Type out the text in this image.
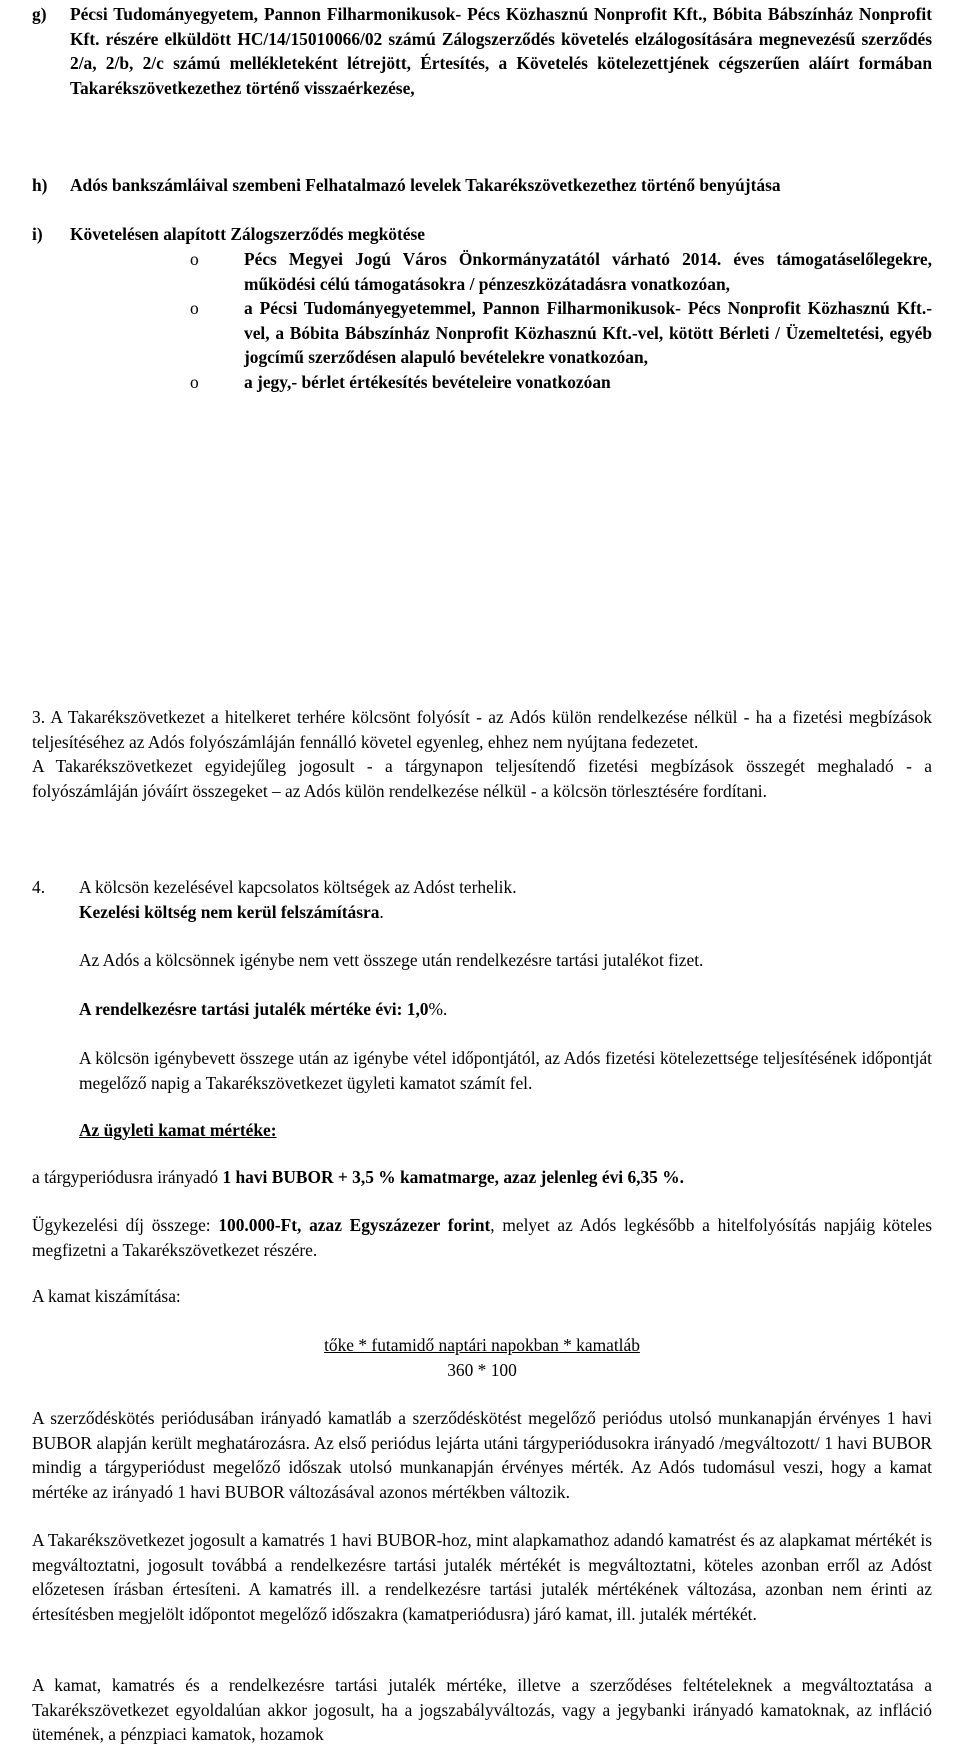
g) Pécsi Tudományegyetem, Pannon Filharmonikusok- Pécs Közhasznú Nonprofit Kft., Bóbita Bábszínház Nonprofit Kft. részére elküldött HC/14/15010066/02 számú Zálogszerződés követelés elzálogosítására megnevezésű szerződés 2/a, 2/b, 2/c számú mellékleteként létrejött, Értesítés, a Követelés kötelezettjének cégszerűen aláírt formában Takarékszövetkezethez történő visszaérkezése,
h) Adós bankszámláival szembeni Felhatalmazó levelek Takarékszövetkezethez történő benyújtása
i)	Követelésen alapított Zálogszerződés megkötése
o	Pécs Megyei Jogú Város Önkormányzatától várható 2014. éves támogatáselőlegekre, működési célú támogatásokra / pénzeszközátadásra vonatkozóan,
o	a Pécsi Tudományegyetemmel, Pannon Filharmonikusok- Pécs Nonprofit Közhasznú Kft.-vel, a Bóbita Bábszínház Nonprofit Közhasznú Kft.-vel, kötött Bérleti / Üzemeltetési, egyéb jogcímű szerződésen alapuló bevételekre vonatkozóan,
o	a jegy,- bérlet értékesítés bevételeire vonatkozóan
3. A Takarékszövetkezet a hitelkeret terhére kölcsönt folyósít - az Adós külön rendelkezése nélkül - ha a fizetési megbízások teljesítéséhez az Adós folyószámláján fennálló követel egyenleg, ehhez nem nyújtana fedezetet.
A Takarékszövetkezet egyidejűleg jogosult - a tárgynapon teljesítendő fizetési megbízások összegét meghaladó - a folyószámláján jóváírt összegeket – az Adós külön rendelkezése nélkül - a kölcsön törlesztésére fordítani.
4.	A kölcsön kezelésével kapcsolatos költségek az Adóst terhelik.
Kezelési költség nem kerül felszámításra.
Az Adós a kölcsönnek igénybe nem vett összege után rendelkezésre tartási jutalékot fizet.
A rendelkezésre tartási jutalék mértéke évi: 1,0%.
A kölcsön igénybevett összege után az igénybe vétel időpontjától, az Adós fizetési kötelezettsége teljesítésének időpontját megelőző napig a Takarékszövetkezet ügyleti kamatot számít fel.
Az ügyleti kamat mértéke:
a tárgyperiódusra irányadó 1 havi BUBOR + 3,5 % kamatmarge, azaz jelenleg évi 6,35 %.
Ügykezelési díj összege: 100.000-Ft, azaz Egyszázezer forint, melyet az Adós legkésőbb a hitelfolyósítás napjáig köteles megfizetni a Takarékszövetkezet részére.
A kamat kiszámítása:
tőke * futamidő naptári napokban * kamatláb
360 * 100
A szerződéskötés periódusában irányadó kamatláb a szerződéskötést megelőző periódus utolsó munkanapján érvényes 1 havi BUBOR alapján került meghatározásra. Az első periódus lejárta utáni tárgyperiódusokra irányadó /megváltozott/ 1 havi BUBOR mindig a tárgyperiódust megelőző időszak utolsó munkanapján érvényes mérték. Az Adós tudomásul veszi, hogy a kamat mértéke az irányadó 1 havi BUBOR változásával azonos mértékben változik.
A Takarékszövetkezet jogosult a kamatrés 1 havi BUBOR-hoz, mint alapkamathoz adandó kamatrést és az alapkamat mértékét is megváltoztatni, jogosult továbbá a rendelkezésre tartási jutalék mértékét is megváltoztatni, köteles azonban erről az Adóst előzetesen írásban értesíteni. A kamatrés ill. a rendelkezésre tartási jutalék mértékének változása, azonban nem érinti az értesítésben megjelölt időpontot megelőző időszakra (kamatperiódusra) járó kamat, ill. jutalék mértékét.
A kamat, kamatrés és a rendelkezésre tartási jutalék mértéke, illetve a szerződéses feltételeknek a megváltoztatása a Takarékszövetkezet egyoldalúan akkor jogosult, ha a jogszabályváltozás, vagy a jegybanki irányadó kamatoknak, az infláció ütemének, a pénzpiaci kamatok, hozamok
